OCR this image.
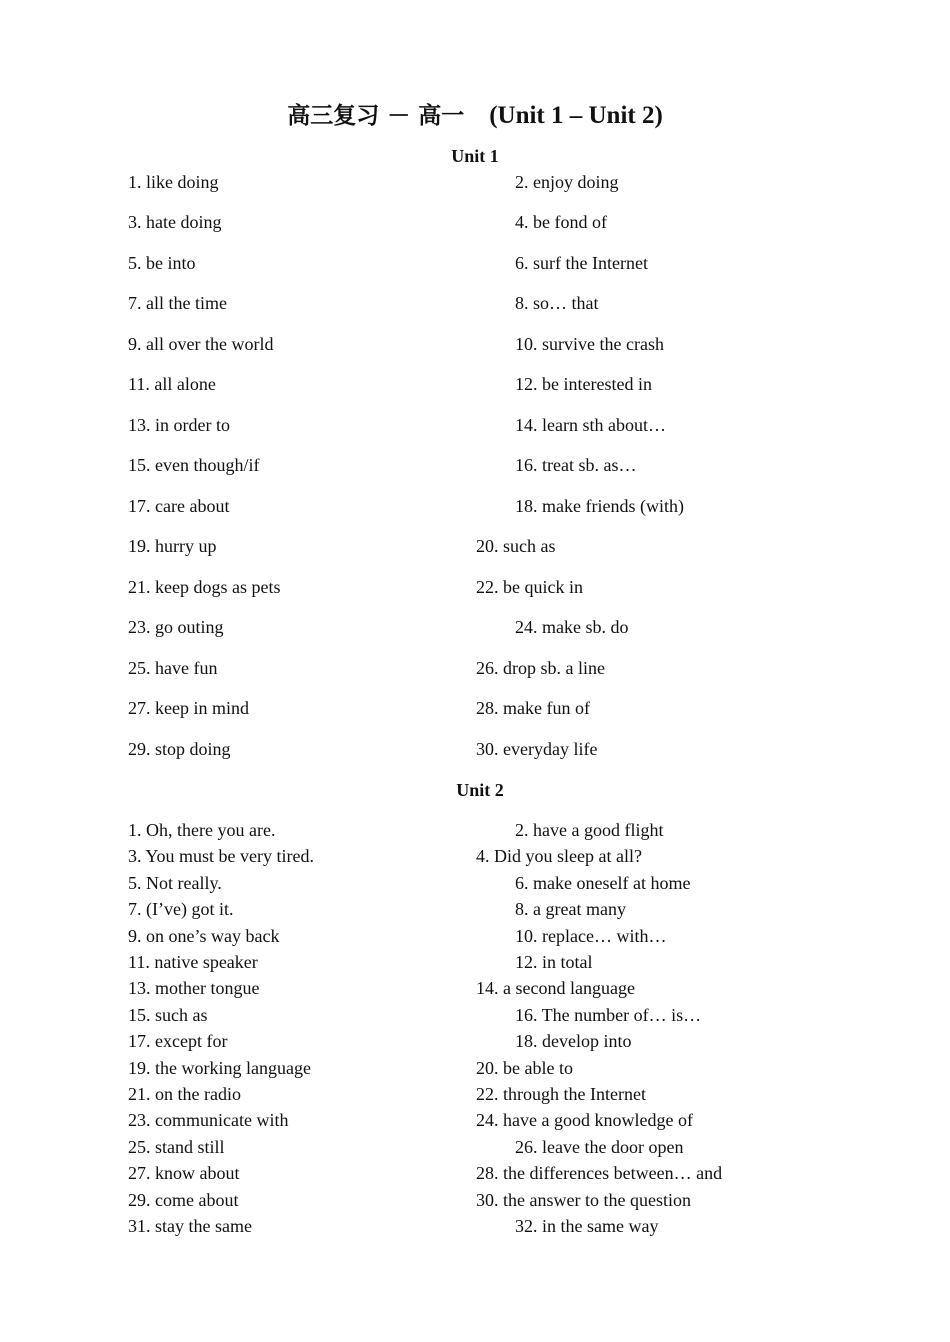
高三复习 － 高一 (Unit 1 – Unit 2)
Unit 1
1. like doing	2. enjoy doing
3. hate doing	4. be fond of
5. be into	6. surf the Internet
7. all the time	8. so… that
9. all over the world	10. survive the crash
11. all alone	12. be interested in
13. in order to	14. learn sth about…
15. even though/if	16. treat sb. as…
17. care about	18. make friends (with)
19. hurry up	20. such as
21. keep dogs as pets	22. be quick in
23. go outing	24. make sb. do
25. have fun	26. drop sb. a line
27. keep in mind	28. make fun of
29. stop doing	30. everyday life
Unit 2
1. Oh, there you are.	2. have a good flight
3. You must be very tired.	4. Did you sleep at all?
5. Not really.	6. make oneself at home
7. (I’ve) got it.	8. a great many
9. on one’s way back	10. replace… with…
11. native speaker	12. in total
13. mother tongue	14. a second language
15. such as	16. The number of… is…
17. except for	18. develop into
19. the working language	20. be able to
21. on the radio	22. through the Internet
23. communicate with	24. have a good knowledge of
25. stand still	26. leave the door open
27. know about	28. the differences between… and
29. come about	30. the answer to the question
31. stay the same	32. in the same way
